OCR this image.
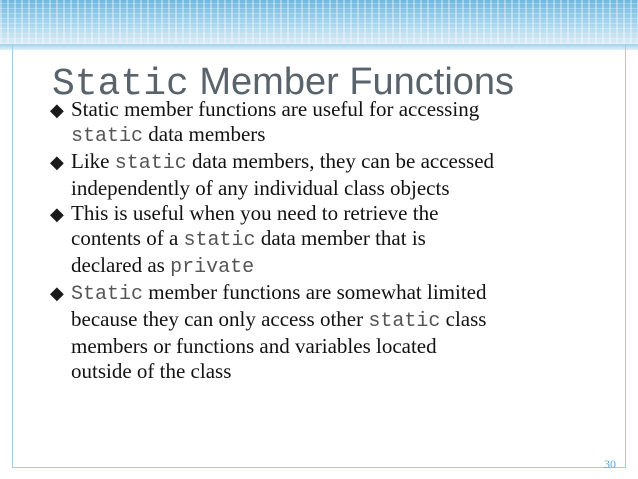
Static Member Functions
◆ Static member functions are useful for accessing
static data members
◆ Like static data members, they can be accessed
independently of any individual class objects
◆ This is useful when you need to retrieve the
contents of a static data member that is
declared as private
◆ Static member functions are somewhat limited
because they can only access other static class
members or functions and variables located
outside of the class
30
